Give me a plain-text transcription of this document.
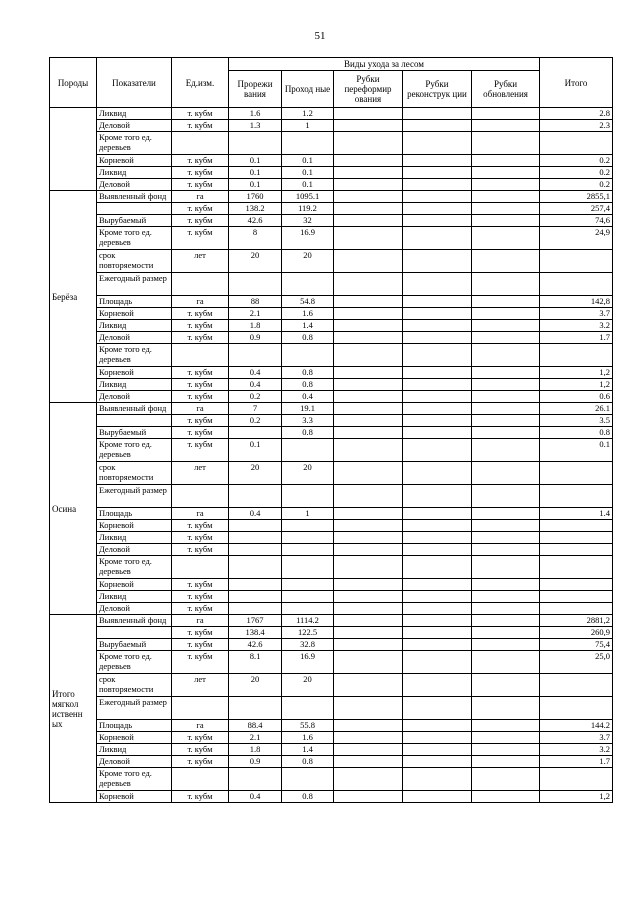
51
Породы	Показатели	Ед.изм.	Виды ухода за лесом					Итого
			Прорежи вания	Проход ные	Рубки переформир ования	Рубки реконструк ции	Рубки обновления	
	Ликвид	т. кубм	1.6	1.2				2.8
	Деловой	т. кубм	1.3	1				2.3
	Кроме того ед. деревьев							
	Корневой	т. кубм	0.1	0.1				0.2
	Ликвид	т. кубм	0.1	0.1				0.2
	Деловой	т. кубм	0.1	0.1				0.2
Берёза	Выявленный фонд	га	1760	1095.1				2855,1
		т. кубм	138.2	119.2				257,4
	Вырубаемый	т. кубм	42.6	32				74,6
	Кроме того ед. деревьев	т. кубм	8	16.9				24,9
	срок повторяемости	лет	20	20				
	Ежегодный размер							
	Площадь	га	88	54.8				142,8
	Корневой	т. кубм	2.1	1.6				3.7
	Ликвид	т. кубм	1.8	1.4				3.2
	Деловой	т. кубм	0.9	0.8				1.7
	Кроме того ед. деревьев							
	Корневой	т. кубм	0.4	0.8				1,2
	Ликвид	т. кубм	0.4	0.8				1,2
	Деловой	т. кубм	0.2	0.4				0.6
Осина	Выявленный фонд	га	7	19.1				26.1
		т. кубм	0.2	3.3				3.5
	Вырубаемый	т. кубм		0.8				0.8
	Кроме того ед. деревьев	т. кубм	0.1					0.1
	срок повторяемости	лет	20	20				
	Ежегодный размер							
	Площадь	га	0.4	1				1.4
	Корневой	т. кубм						
	Ликвид	т. кубм						
	Деловой	т. кубм						
	Кроме того ед. деревьев							
	Корневой	т. кубм						
	Ликвид	т. кубм						
	Деловой	т. кубм						
Итого мягкол иственн ых	Выявленный фонд	га	1767	1114.2				2881,2
		т. кубм	138.4	122.5				260,9
	Вырубаемый	т. кубм	42.6	32.8				75,4
	Кроме того ед. деревьев	т. кубм	8.1	16.9				25,0
	срок повторяемости	лет	20	20				
	Ежегодный размер							
	Площадь	га	88.4	55.8				144.2
	Корневой	т. кубм	2.1	1.6				3.7
	Ликвид	т. кубм	1.8	1.4				3.2
	Деловой	т. кубм	0.9	0.8				1.7
	Кроме того ед. деревьев							
	Корневой	т. кубм	0.4	0.8				1,2
